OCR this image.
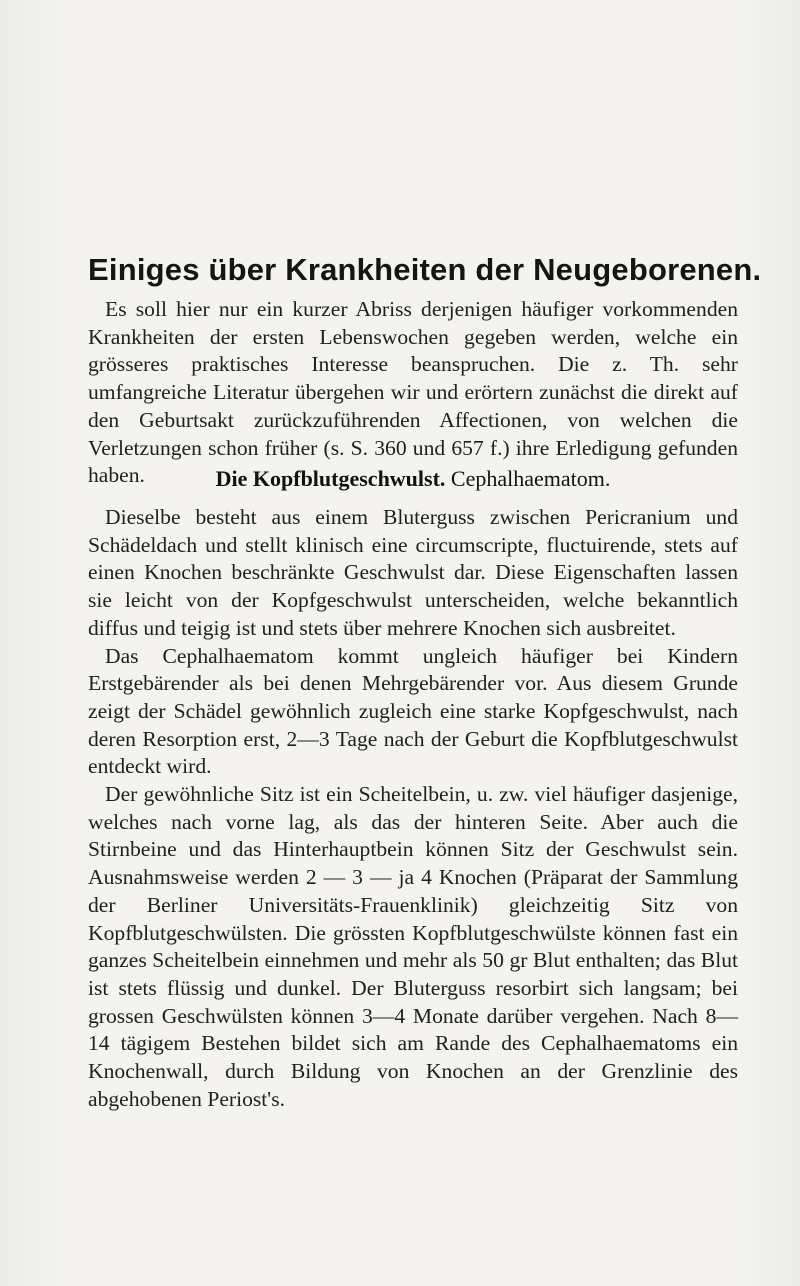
Einiges über Krankheiten der Neugeborenen.
Es soll hier nur ein kurzer Abriss derjenigen häufiger vorkommenden Krankheiten der ersten Lebenswochen gegeben werden, welche ein grösseres praktisches Interesse beanspruchen. Die z. Th. sehr umfangreiche Literatur übergehen wir und erörtern zunächst die direkt auf den Geburtsakt zurückzuführenden Affectionen, von welchen die Verletzungen schon früher (s. S. 360 und 657 f.) ihre Erledigung gefunden haben.	Die Kopfblutgeschwulst. Cephalhaematom.

Dieselbe besteht aus einem Bluterguss zwischen Pericranium und Schädeldach und stellt klinisch eine circumscripte, fluctuirende, stets auf einen Knochen beschränkte Geschwulst dar. Diese Eigenschaften lassen sie leicht von der Kopfgeschwulst unterscheiden, welche bekanntlich diffus und teigig ist und stets über mehrere Knochen sich ausbreitet.

Das Cephalhaematom kommt ungleich häufiger bei Kindern Erstgebärender als bei denen Mehrgebärender vor. Aus diesem Grunde zeigt der Schädel gewöhnlich zugleich eine starke Kopfgeschwulst, nach deren Resorption erst, 2—3 Tage nach der Geburt die Kopfblutgeschwulst entdeckt wird.

Der gewöhnliche Sitz ist ein Scheitelbein, u. zw. viel häufiger dasjenige, welches nach vorne lag, als das der hinteren Seite. Aber auch die Stirnbeine und das Hinterhauptbein können Sitz der Geschwulst sein. Ausnahmsweise werden 2 — 3 — ja 4 Knochen (Präparat der Sammlung der Berliner Universitäts-Frauenklinik) gleichzeitig Sitz von Kopfblutgeschwülsten. Die grössten Kopfblutgeschwülste können fast ein ganzes Scheitelbein einnehmen und mehr als 50 gr Blut enthalten; das Blut ist stets flüssig und dunkel. Der Bluterguss resorbirt sich langsam; bei grossen Geschwülsten können 3—4 Monate darüber vergehen. Nach 8—14 tägigem Bestehen bildet sich am Rande des Cephalhaematoms ein Knochenwall, durch Bildung von Knochen an der Grenzlinie des abgehobenen Periost's.
